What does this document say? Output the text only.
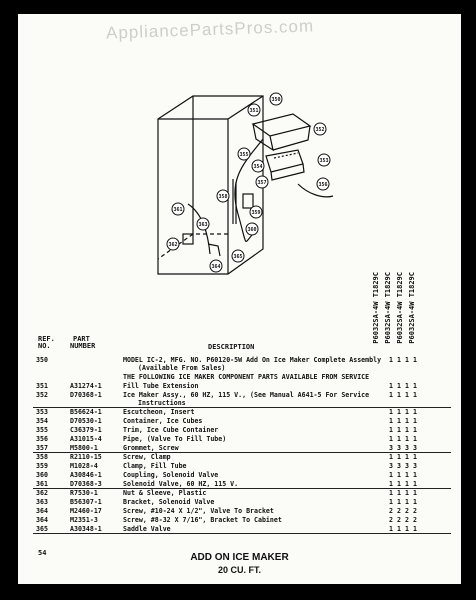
AppliancePartsPros.com
350
351
352
353
354
355
356
357
358
359
360
361
362
363
364
365
P6032SA-4W T1829C P6032SA-4W T1829C P6032SA-4W T1829C P6032SA-4W T1829C
REF.
NO.
PART
NUMBER	DESCRIPTION
350	MODEL IC-2, MFG. NO. P60120-5W Add On Ice Maker Complete Assembly 1 1 1 1
(Available From Sales)
THE FOLLOWING ICE MAKER COMPONENT PARTS AVAILABLE FROM SERVICE
351	A31274-1	Fill Tube Extension	1 1 1 1
352	D70368-1	Ice Maker Assy., 60 HZ, 115 V., (See Manual A641-5 For Service	1 1 1 1
Instructions
353	B56624-1	Escutcheon, Insert	1 1 1 1
354	D70530-1	Container, Ice Cubes	1 1 1 1
355	C36379-1	Trim, Ice Cube Container	1 1 1 1
356	A31015-4	Pipe, (Valve To Fill Tube)	1 1 1 1
357	M5800-1	Grommet, Screw	3 3 3 3
358	R2110-15	Screw, Clamp	1 1 1 1
359	M1028-4	Clamp, Fill Tube	3 3 3 3
360	A30846-1	Coupling, Solenoid Valve	1 1 1 1
361	D70368-3	Solenoid Valve, 60 HZ, 115 V.	1 1 1 1
362	R7530-1	Nut & Sleeve, Plastic	1 1 1 1
363	B56307-1	Bracket, Solenoid Valve	1 1 1 1
364	M2460-17	Screw, #10-24 X 1/2", Valve To Bracket	2 2 2 2
364	M2351-3	Screw, #8-32 X 7/16", Bracket To Cabinet	2 2 2 2
365	A30348-1	Saddle Valve	1 1 1 1
54	ADD ON ICE MAKER
20 CU. FT.
